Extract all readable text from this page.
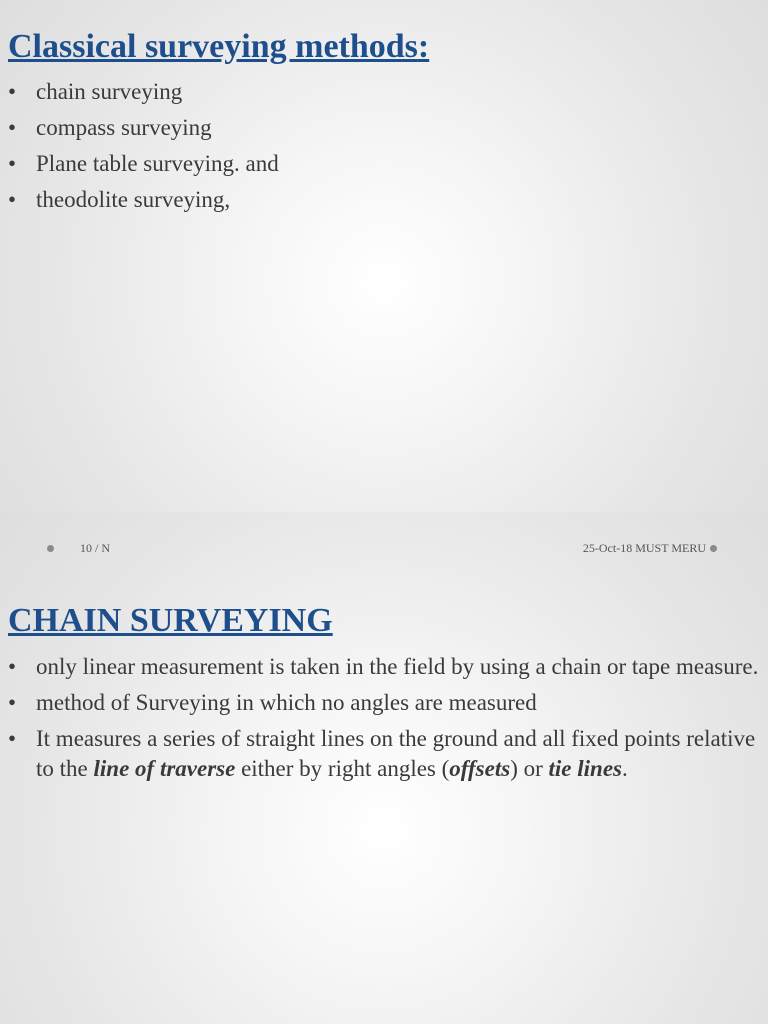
Classical surveying methods:
• chain surveying
• compass surveying
• Plane table surveying. and
• theodolite surveying,
CHAIN SURVEYING
• only linear measurement is taken in the field by using a chain or tape measure.
• method of Surveying in which no angles are measured
• It measures a series of straight lines on the ground and all fixed points relative to the line of traverse either by right angles (offsets) or tie lines.
10 / N	25-Oct-18 MUST MERU
